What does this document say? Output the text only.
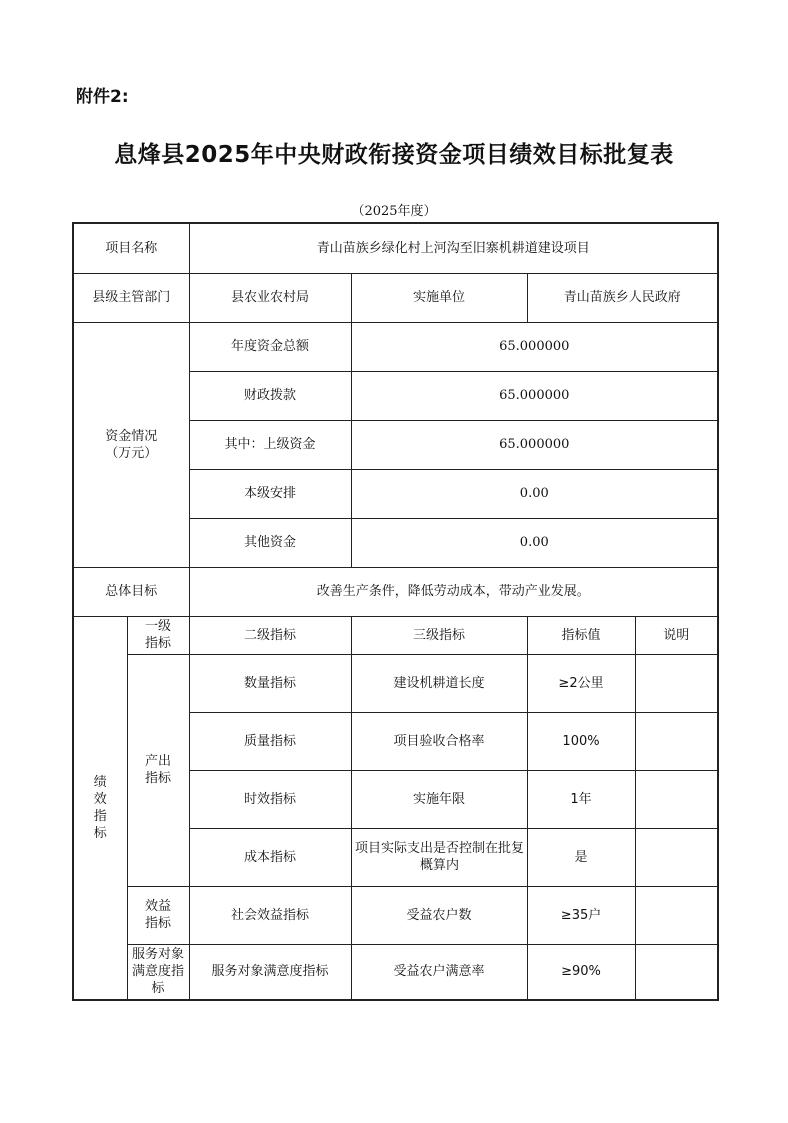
附件2:
息烽县2025年中央财政衔接资金项目绩效目标批复表
（2025年度）
项目名称		青山苗族乡绿化村上河沟至旧寨机耕道建设项目			
县级主管部门		县农业农村局	实施单位	青山苗族乡人民政府	

资金情况
（万元）		年度资金总额	65.000000		
		财政拨款	65.000000		
		其中：上级资金	65.000000		
		本级安排	0.00		
		其他资金	0.00		
总体目标		改善生产条件，降低劳动成本，带动产业发展。			

绩效指标	一级指标	二级指标	三级指标	指标值	说明

	产出指标	数量指标	建设机耕道长度	≥2公里	
		质量指标	项目验收合格率	100%	
		时效指标	实施年限	1年	
		成本指标	项目实际支出是否控制在批复概算内	是	

	效益指标	社会效益指标	受益农户数	≥35户	

	服务对象满意度指标	服务对象满意度指标	受益农户满意率	≥90%	
